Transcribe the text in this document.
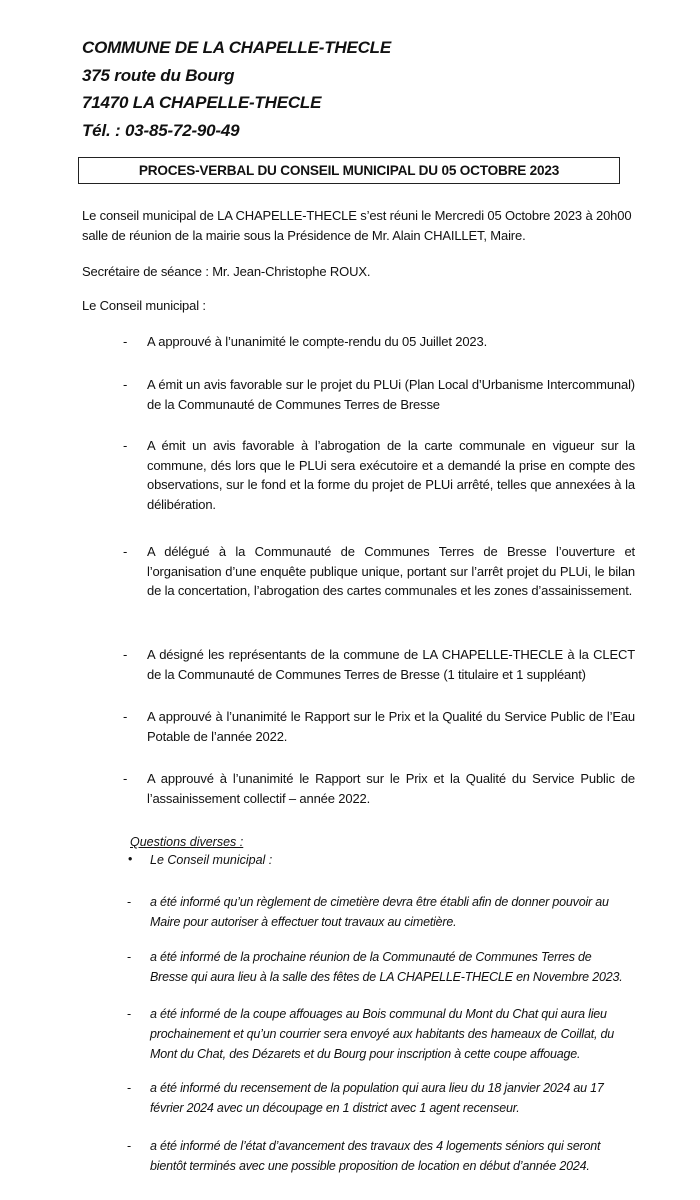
COMMUNE DE LA CHAPELLE-THECLE
375 route du Bourg
71470 LA CHAPELLE-THECLE
Tél. : 03-85-72-90-49
PROCES-VERBAL DU CONSEIL MUNICIPAL DU 05 OCTOBRE 2023
Le conseil municipal de LA CHAPELLE-THECLE s’est réuni le Mercredi 05 Octobre 2023 à 20h00 salle de réunion de la mairie sous la Présidence de Mr. Alain CHAILLET, Maire.
Secrétaire de séance : Mr. Jean-Christophe ROUX.
Le Conseil municipal :
-	A approuvé à l’unanimité le compte-rendu du 05 Juillet 2023.
-	A émit un avis favorable sur le projet du PLUi (Plan Local d’Urbanisme Intercommunal) de la Communauté de Communes Terres de Bresse
-	A émit un avis favorable à l’abrogation de la carte communale en vigueur sur la commune, dés lors que le PLUi sera exécutoire et a demandé la prise en compte des observations, sur le fond et la forme du projet de PLUi arrêté, telles que annexées à la délibération.
-	A délégué à la Communauté de Communes Terres de Bresse l’ouverture et l’organisation d’une enquête publique unique, portant sur l’arrêt projet du PLUi, le bilan de la concertation, l’abrogation des cartes communales et les zones d’assainissement.
-	A désigné les représentants de la commune de LA CHAPELLE-THECLE à la CLECT de la Communauté de Communes Terres de Bresse (1 titulaire et 1 suppléant)
-	A approuvé à l’unanimité le Rapport sur le Prix et la Qualité du Service Public de l’Eau Potable de l’année 2022.
-	A approuvé à l’unanimité le Rapport sur le Prix et la Qualité du Service Public de l’assainissement collectif – année 2022.
Questions diverses :
• Le Conseil municipal :
- a été informé qu’un règlement de cimetière devra être établi afin de donner pouvoir au Maire pour autoriser à effectuer tout travaux au cimetière.
- a été informé de la prochaine réunion de la Communauté de Communes Terres de Bresse qui aura lieu à la salle des fêtes de LA CHAPELLE-THECLE en Novembre 2023.
- a été informé de la coupe affouages au Bois communal du Mont du Chat qui aura lieu prochainement et qu’un courrier sera envoyé aux habitants des hameaux de Coillat, du Mont du Chat, des Dézarets et du Bourg pour inscription à cette coupe affouage.
- a été informé du recensement de la population qui aura lieu du 18 janvier 2024 au 17 février 2024 avec un découpage en 1 district avec 1 agent recenseur.
- a été informé de l’état d’avancement des travaux des 4 logements séniors qui seront bientôt terminés avec une possible proposition de location en début d’année 2024.
